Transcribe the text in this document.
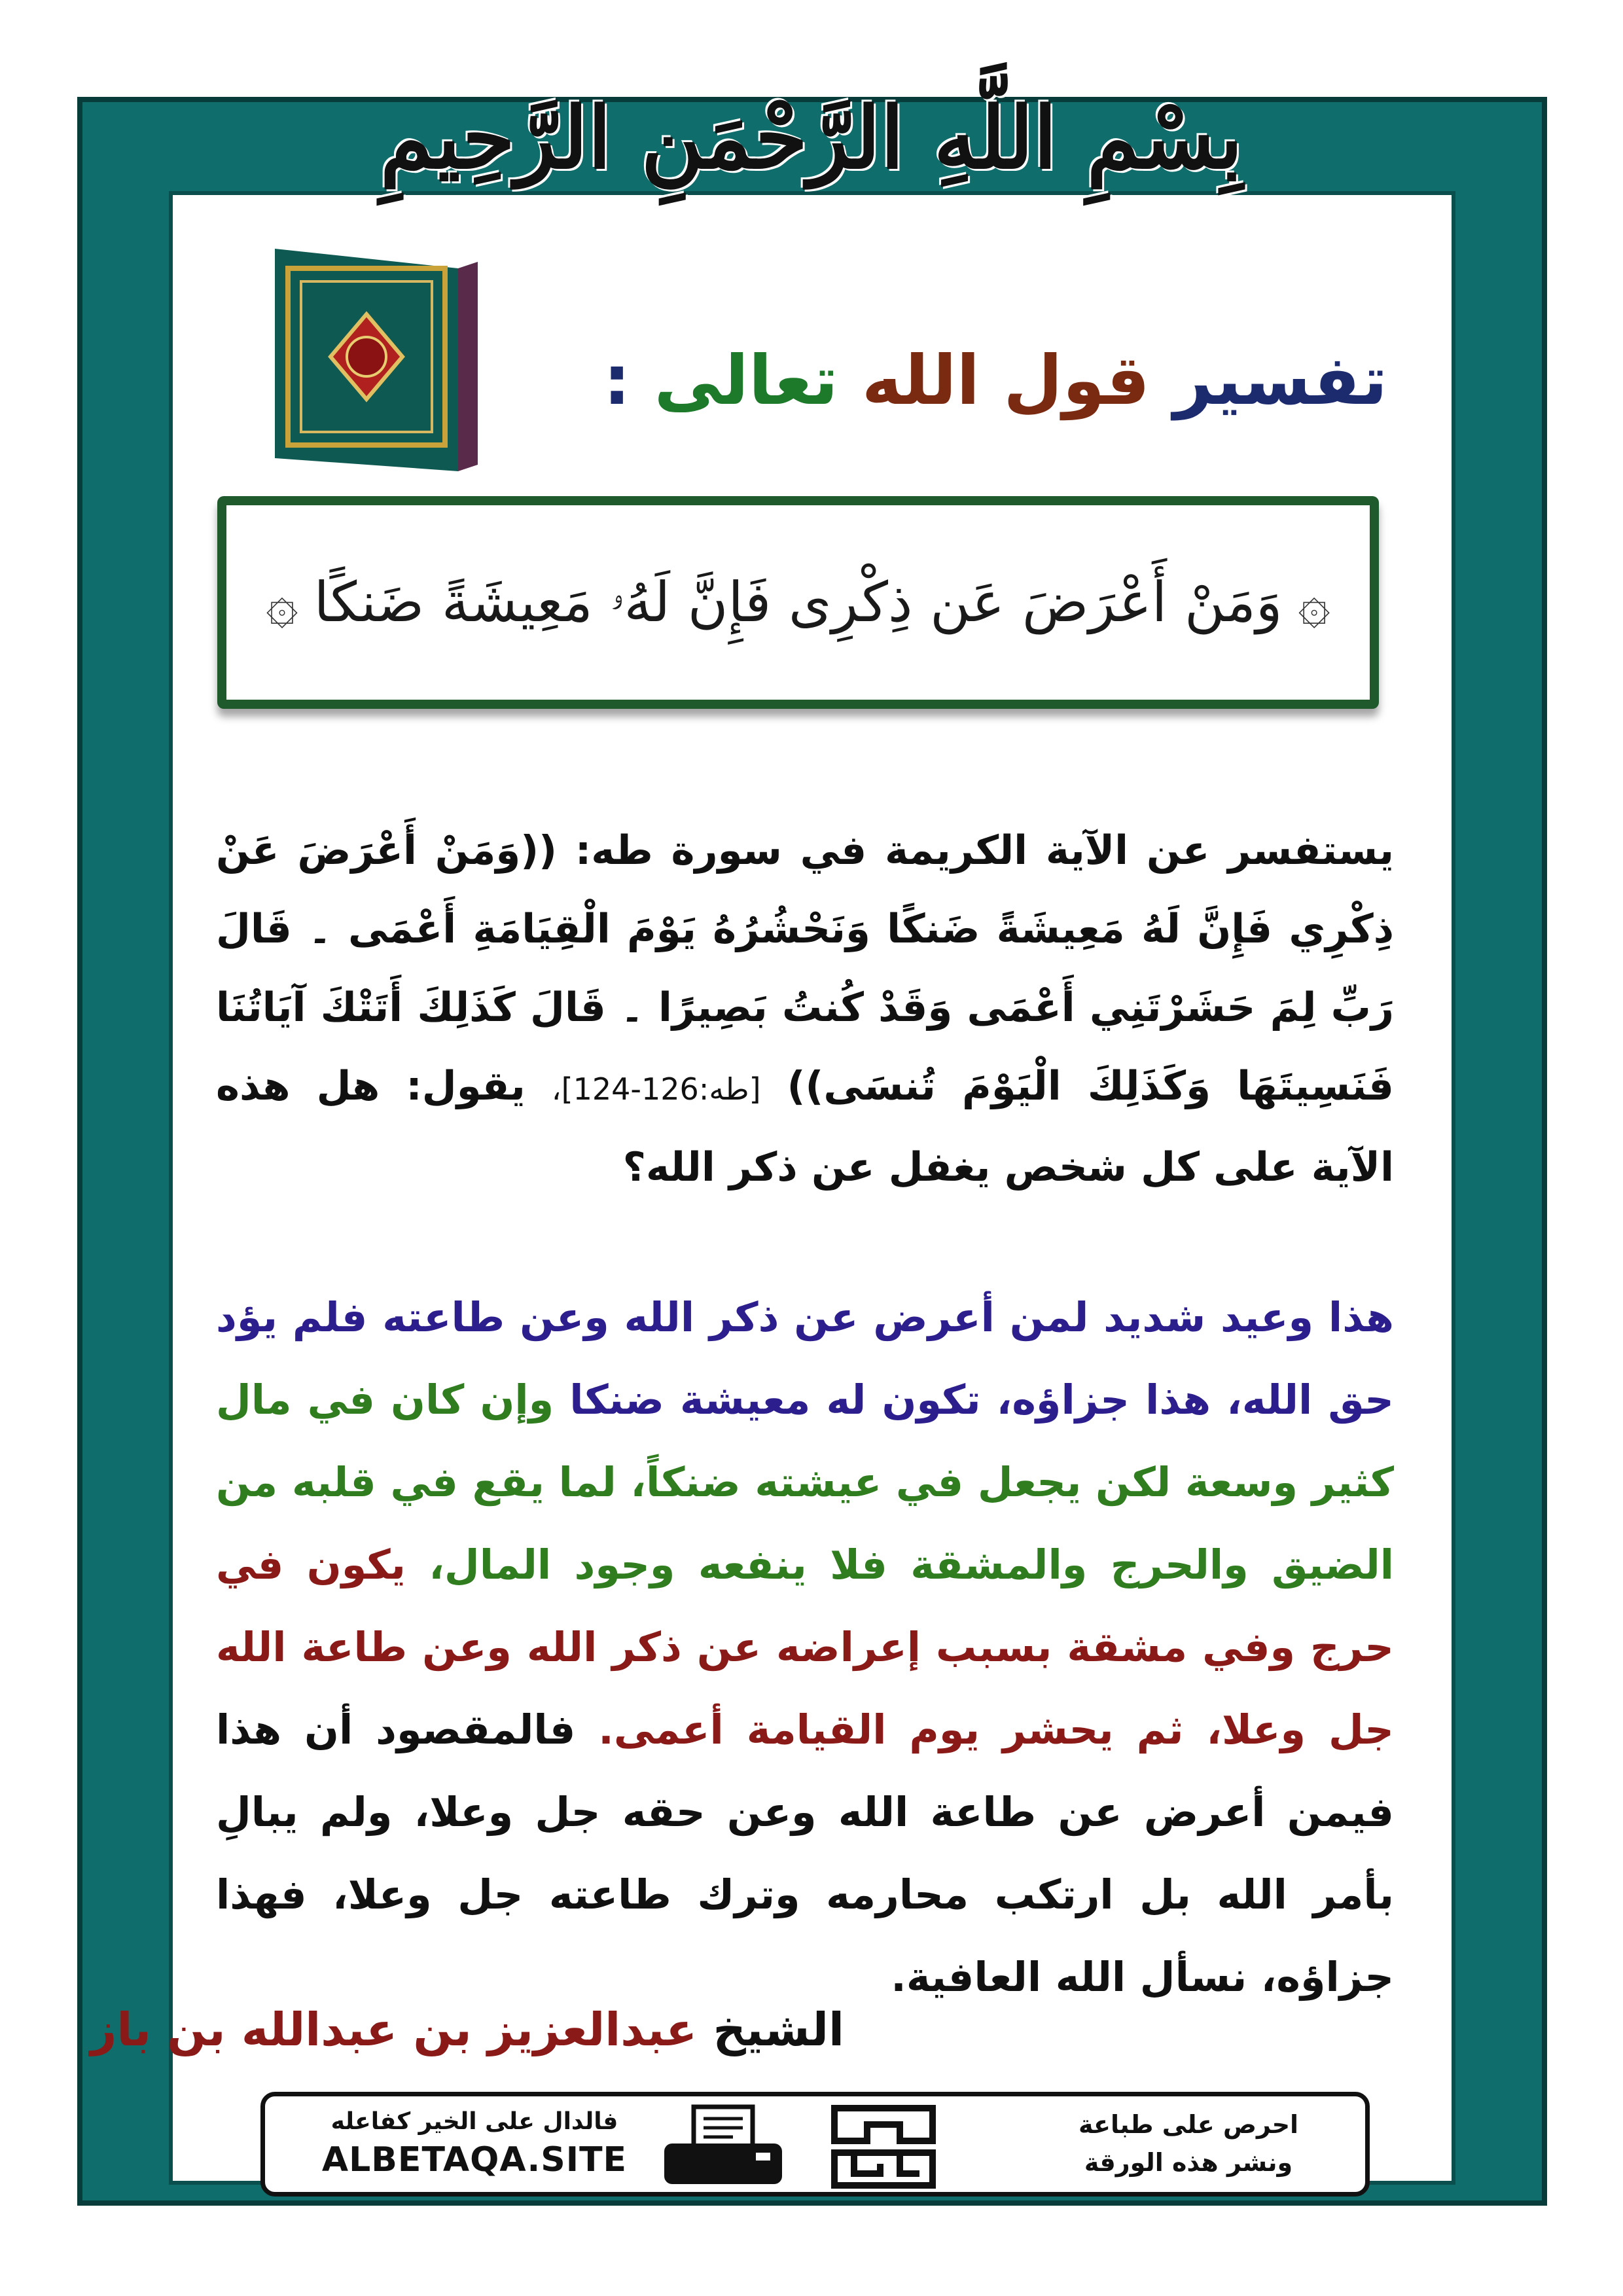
بِسْمِ اللَّهِ الرَّحْمَنِ الرَّحِيمِ
تفسير قول الله تعالى :
۞
وَمَنْ أَعْرَضَ عَن ذِكْرِى فَإِنَّ لَهُۥ مَعِيشَةً ضَنكًا
۞
يستفسر عن الآية الكريمة في سورة طه: ((وَمَنْ أَعْرَضَ عَنْ ذِكْرِي فَإِنَّ لَهُ مَعِيشَةً ضَنكًا وَنَحْشُرُهُ يَوْمَ الْقِيَامَةِ أَعْمَى ۔ قَالَ رَبِّ لِمَ حَشَرْتَنِي أَعْمَى وَقَدْ كُنتُ بَصِيرًا ۔ قَالَ كَذَلِكَ أَتَتْكَ آيَاتُنَا فَنَسِيتَهَا وَكَذَلِكَ الْيَوْمَ تُنسَى)) [طه:126-124]، يقول: هل هذه الآية على كل شخص يغفل عن ذكر الله؟
هذا وعيد شديد لمن أعرض عن ذكر الله وعن طاعته فلم يؤد حق الله، هذا جزاؤه، تكون له معيشة ضنكا وإن كان في مال كثير وسعة لكن يجعل في عيشته ضنكاً، لما يقع في قلبه من الضيق والحرج والمشقة فلا ينفعه وجود المال، يكون في حرج وفي مشقة بسبب إعراضه عن ذكر الله وعن طاعة الله جل وعلا، ثم يحشر يوم القيامة أعمى. فالمقصود أن هذا فيمن أعرض عن طاعة الله وعن حقه جل وعلا، ولم يبالِ بأمر الله بل ارتكب محارمه وترك طاعته جل وعلا، فهذا جزاؤه، نسأل الله العافية.
الشيخ عبدالعزيز بن عبدالله بن باز
احرص على طباعة
ونشر هذه الورقة
فالدال على الخير كفاعله
ALBETAQA.SITE
